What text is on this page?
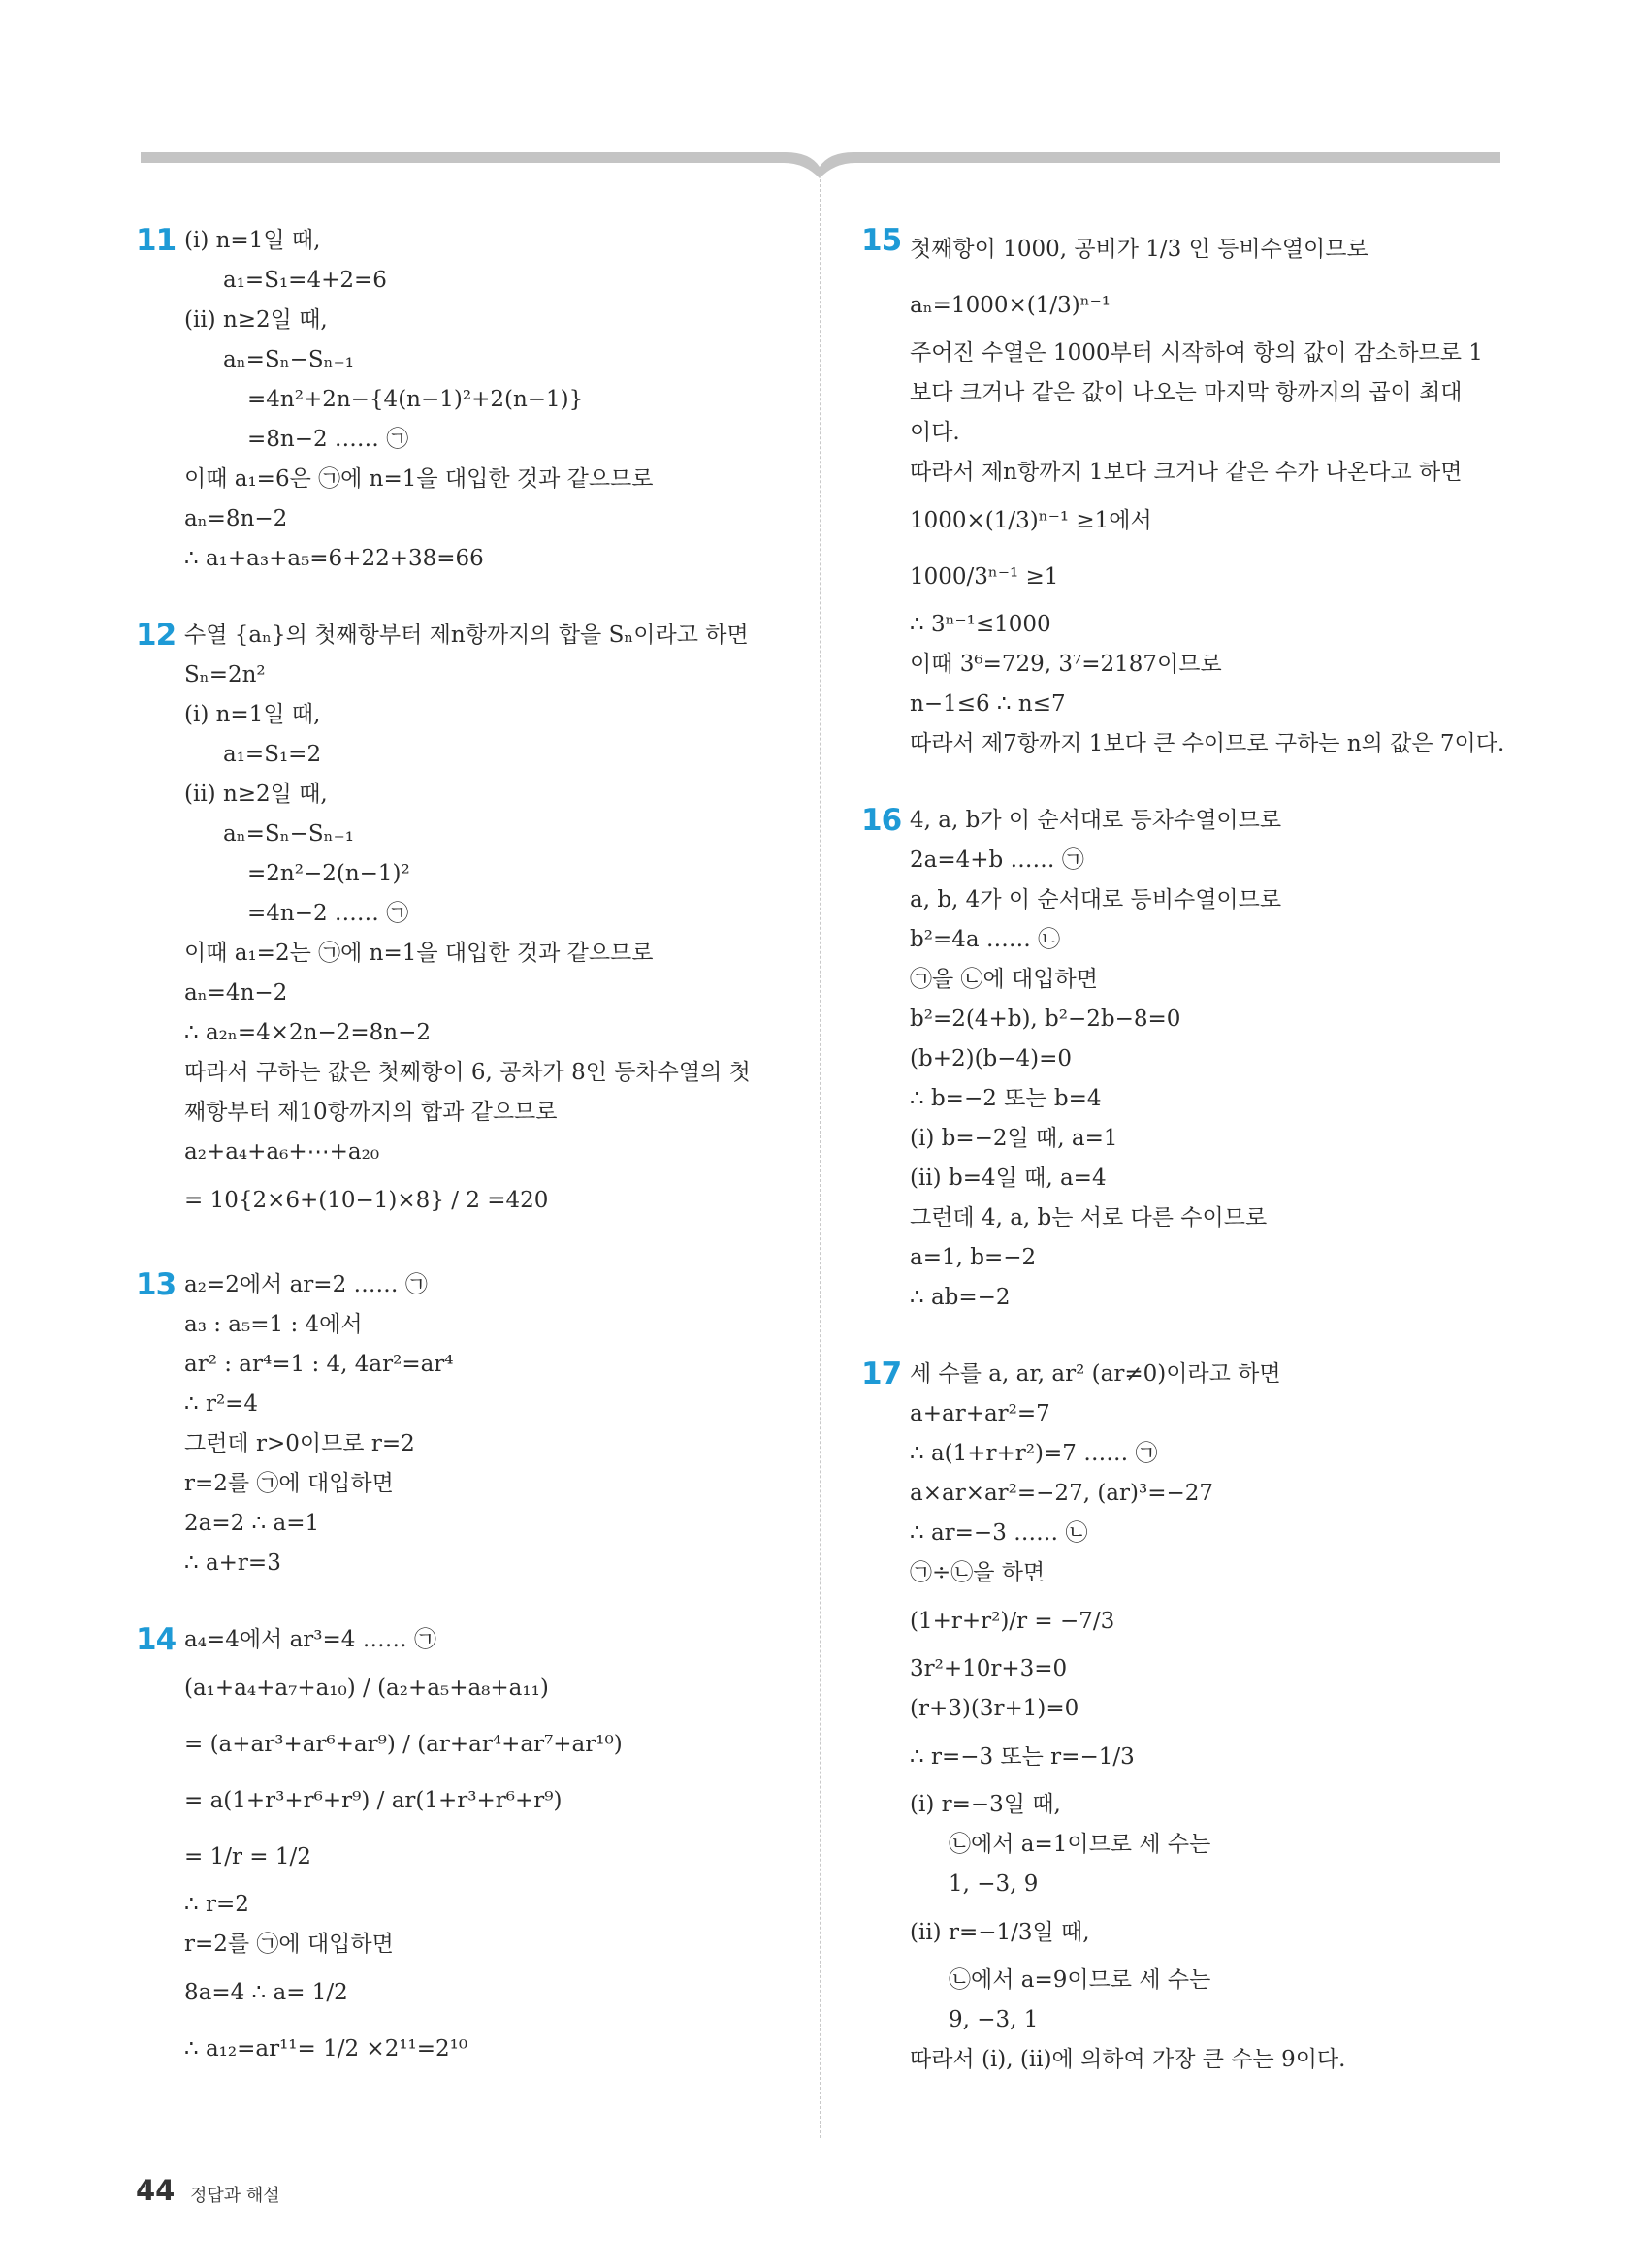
11 (ⅰ) n=1일 때,
a₁=S₁=4+2=6
(ⅱ) n≥2일 때,
aₙ=Sₙ−Sₙ₋₁
=4n²+2n−{4(n−1)²+2(n−1)}
=8n−2 …… ㉠
이때 a₁=6은 ㉠에 n=1을 대입한 것과 같으므로
aₙ=8n−2
∴ a₁+a₃+a₅=6+22+38=66
12 수열 {aₙ}의 첫째항부터 제n항까지의 합을 Sₙ이라고 하면
Sₙ=2n²
(ⅰ) n=1일 때,
a₁=S₁=2
(ⅱ) n≥2일 때,
aₙ=Sₙ−Sₙ₋₁
=2n²−2(n−1)²
=4n−2 …… ㉠
이때 a₁=2는 ㉠에 n=1을 대입한 것과 같으므로
aₙ=4n−2
∴ a₂ₙ=4×2n−2=8n−2
따라서 구하는 값은 첫째항이 6, 공차가 8인 등차수열의 첫
째항부터 제10항까지의 합과 같으므로
a₂+a₄+a₆+⋯+a₂₀
= 10{2×6+(10−1)×8} / 2 =420
13 a₂=2에서 ar=2 …… ㉠
a₃ : a₅=1 : 4에서
ar² : ar⁴=1 : 4, 4ar²=ar⁴
∴ r²=4
그런데 r>0이므로 r=2
r=2를 ㉠에 대입하면
2a=2 ∴ a=1
∴ a+r=3
14 a₄=4에서 ar³=4 …… ㉠
(a₁+a₄+a₇+a₁₀) / (a₂+a₅+a₈+a₁₁)
= (a+ar³+ar⁶+ar⁹) / (ar+ar⁴+ar⁷+ar¹⁰)
= a(1+r³+r⁶+r⁹) / ar(1+r³+r⁶+r⁹)
= 1/r = 1/2
∴ r=2
r=2를 ㉠에 대입하면
8a=4 ∴ a= 1/2
∴ a₁₂=ar¹¹= 1/2 ×2¹¹=2¹⁰
15 첫째항이 1000, 공비가 1/3 인 등비수열이므로
aₙ=1000×(1/3)ⁿ⁻¹
주어진 수열은 1000부터 시작하여 항의 값이 감소하므로 1
보다 크거나 같은 값이 나오는 마지막 항까지의 곱이 최대
이다.
따라서 제n항까지 1보다 크거나 같은 수가 나온다고 하면
1000×(1/3)ⁿ⁻¹ ≥1에서
1000/3ⁿ⁻¹ ≥1
∴ 3ⁿ⁻¹≤1000
이때 3⁶=729, 3⁷=2187이므로
n−1≤6 ∴ n≤7
따라서 제7항까지 1보다 큰 수이므로 구하는 n의 값은 7이다.
16 4, a, b가 이 순서대로 등차수열이므로
2a=4+b …… ㉠
a, b, 4가 이 순서대로 등비수열이므로
b²=4a …… ㉡
㉠을 ㉡에 대입하면
b²=2(4+b), b²−2b−8=0
(b+2)(b−4)=0
∴ b=−2 또는 b=4
(ⅰ) b=−2일 때, a=1
(ⅱ) b=4일 때, a=4
그런데 4, a, b는 서로 다른 수이므로
a=1, b=−2
∴ ab=−2
17 세 수를 a, ar, ar² (ar≠0)이라고 하면
a+ar+ar²=7
∴ a(1+r+r²)=7 …… ㉠
a×ar×ar²=−27, (ar)³=−27
∴ ar=−3 …… ㉡
㉠÷㉡을 하면
(1+r+r²)/r = −7/3
3r²+10r+3=0
(r+3)(3r+1)=0
∴ r=−3 또는 r=−1/3
(ⅰ) r=−3일 때,
㉡에서 a=1이므로 세 수는
1, −3, 9
(ⅱ) r=−1/3일 때,
㉡에서 a=9이므로 세 수는
9, −3, 1
따라서 (ⅰ), (ⅱ)에 의하여 가장 큰 수는 9이다.
44 정답과 해설
